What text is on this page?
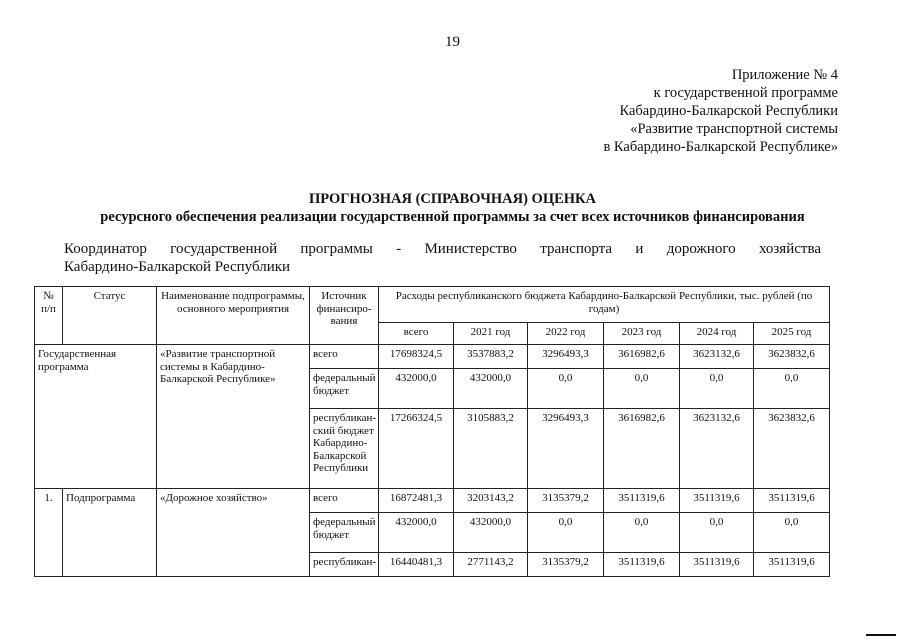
19
Приложение № 4
к государственной программе
Кабардино-Балкарской Республики
«Развитие транспортной системы
в Кабардино-Балкарской Республике»
ПРОГНОЗНАЯ (СПРАВОЧНАЯ) ОЦЕНКА
ресурсного обеспечения реализации государственной программы за счет всех источников финансирования
Координатор государственной программы - Министерство транспорта и дорожного хозяйства
Кабардино-Балкарской Республики
№ п/п	Статус	Наименование подпрограммы, основного мероприятия	Источник финансиро-вания	Расходы республиканского бюджета Кабардино-Балкарской Республики, тыс. рублей (по годам)					
				всего	2021 год	2022 год	2023 год	2024 год	2025 год
Государственная программа		«Развитие транспортной системы в Кабардино-Балкарской Республике»	всего	17698324,5	3537883,2	3296493,3	3616982,6	3623132,6	3623832,6
			федеральный бюджет	432000,0	432000,0	0,0	0,0	0,0	0,0
			республикан-ский бюджет Кабардино-Балкарской Республики	17266324,5	3105883,2	3296493,3	3616982,6	3623132,6	3623832,6
1.	Подпрограмма	«Дорожное хозяйство»	всего	16872481,3	3203143,2	3135379,2	3511319,6	3511319,6	3511319,6
			федеральный бюджет	432000,0	432000,0	0,0	0,0	0,0	0,0
			республикан-	16440481,3	2771143,2	3135379,2	3511319,6	3511319,6	3511319,6
